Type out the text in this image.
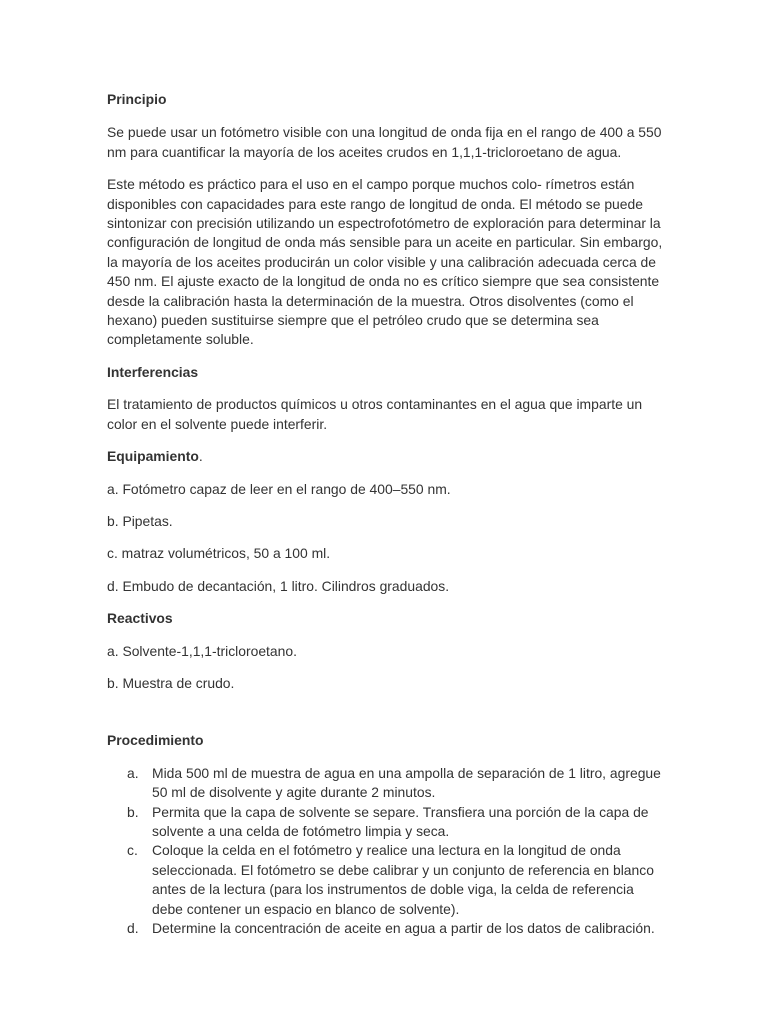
Principio

Se puede usar un fotómetro visible con una longitud de onda fija en el rango de 400 a 550 nm para cuantificar la mayoría de los aceites crudos en 1,1,1-tricloroetano de agua.

Este método es práctico para el uso en el campo porque muchos colo- rímetros están disponibles con capacidades para este rango de longitud de onda. El método se puede sintonizar con precisión utilizando un espectrofotómetro de exploración para determinar la configuración de longitud de onda más sensible para un aceite en particular. Sin embargo, la mayoría de los aceites producirán un color visible y una calibración adecuada cerca de 450 nm. El ajuste exacto de la longitud de onda no es crítico siempre que sea consistente desde la calibración hasta la determinación de la muestra. Otros disolventes (como el hexano) pueden sustituirse siempre que el petróleo crudo que se determina sea completamente soluble.

Interferencias

El tratamiento de productos químicos u otros contaminantes en el agua que imparte un color en el solvente puede interferir.

Equipamiento.

a. Fotómetro capaz de leer en el rango de 400–550 nm.

b. Pipetas.

c. matraz volumétricos, 50 a 100 ml.

d. Embudo de decantación, 1 litro. Cilindros graduados.

Reactivos

a. Solvente-1,1,1-tricloroetano.

b. Muestra de crudo.

Procedimiento
a. Mida 500 ml de muestra de agua en una ampolla de separación de 1 litro, agregue 50 ml de disolvente y agite durante 2 minutos.
b. Permita que la capa de solvente se separe. Transfiera una porción de la capa de solvente a una celda de fotómetro limpia y seca.
c. Coloque la celda en el fotómetro y realice una lectura en la longitud de onda seleccionada. El fotómetro se debe calibrar y un conjunto de referencia en blanco antes de la lectura (para los instrumentos de doble viga, la celda de referencia debe contener un espacio en blanco de solvente).
d. Determine la concentración de aceite en agua a partir de los datos de calibración.
